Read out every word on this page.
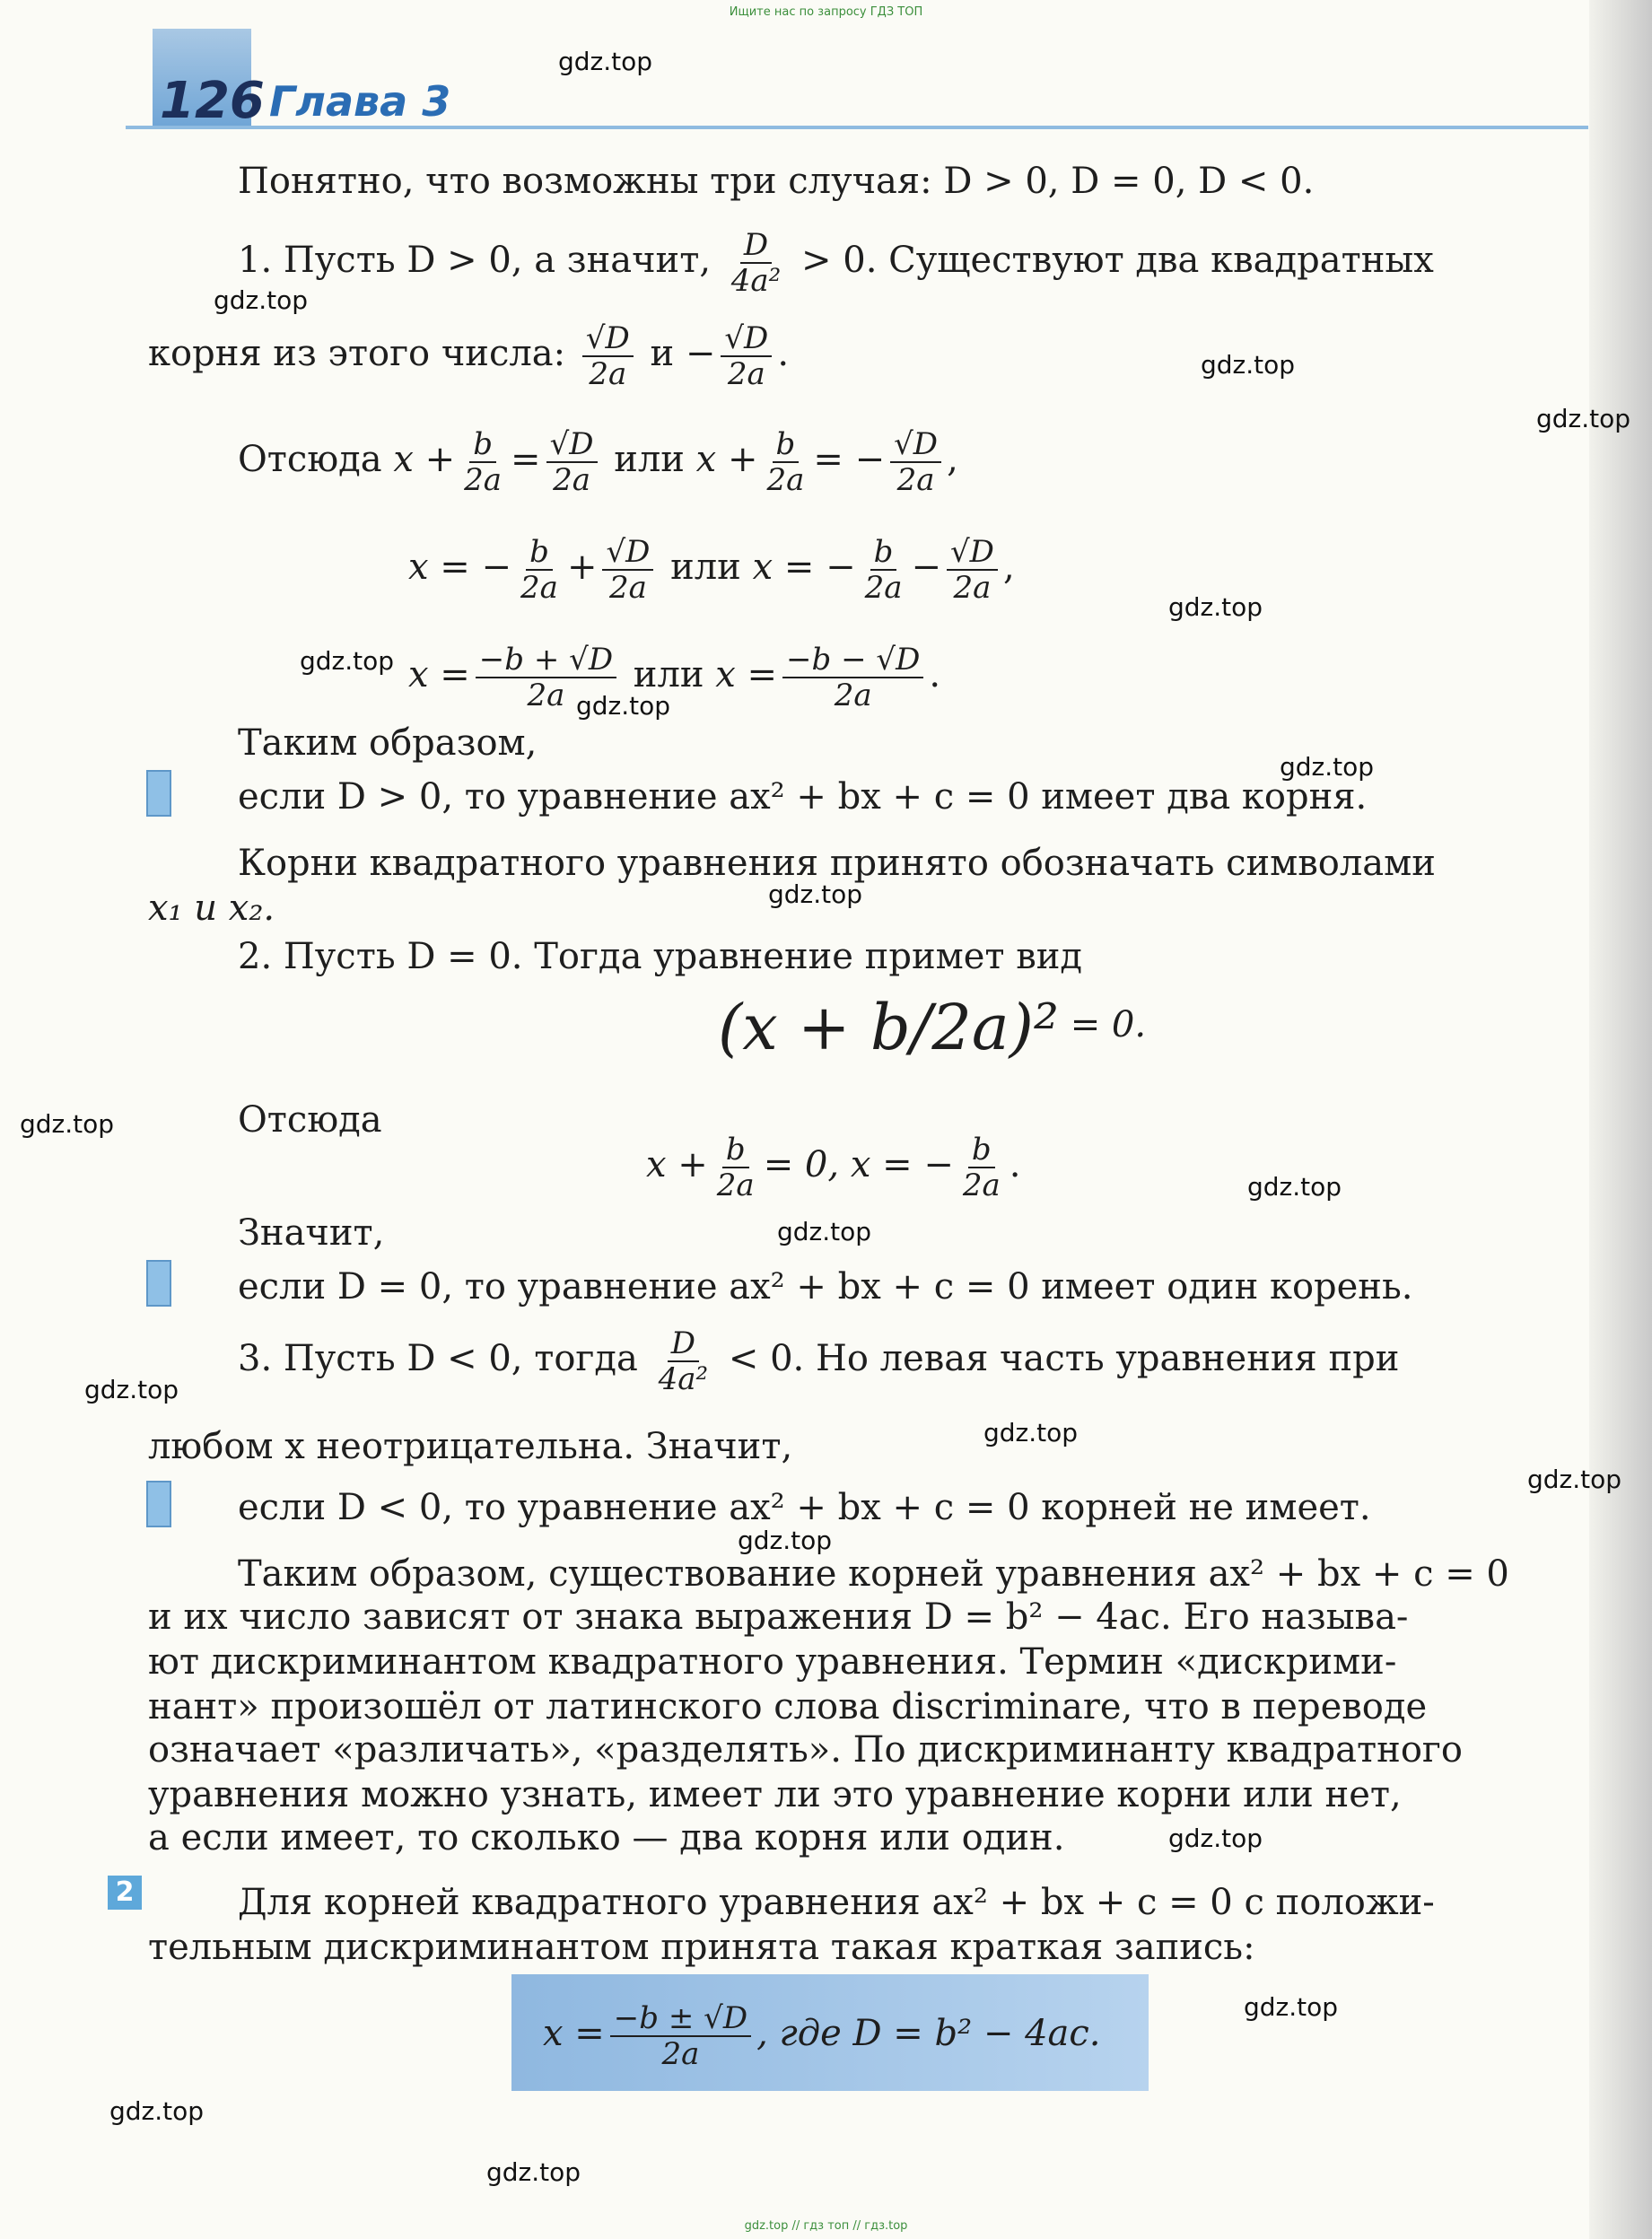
Ищите нас по запросу ГДЗ ТОП
126 Глава 3
Понятно, что возможны три случая: D > 0, D = 0, D < 0.
1. Пусть D > 0, а значит, $\frac{D}{\text{4a²}} > 0$. Существуют два квадратных
корня из этого числа: $\frac{√D}{2a}$ $и - \frac{√D}{2a}$ .
Отсюда $x + \frac{b}{2a} = \frac{√D}{2a}$ или $x + \frac{b}{2a}$ = − $\frac{√D}{2a}$ ,
x = − $\frac{b}{2a} + \frac{√D}{2a}$ или x = − $\frac{b}{2a} - \frac{√D}{2a}$ ,
$x = \frac{-b + √D}{2a}$ или $x = \frac{-b - √D}{2a}$ .
Таким образом,
если D > 0, то уравнение ax² + bx + c = 0 имеет два корня.
Корни квадратного уравнения принято обозначать символами
x₁ и x₂.
2. Пусть D = 0. Тогда уравнение примет вид
(x + b/2a)² = 0.
Отсюда
$x + \frac{b}{2a} = 0$, x = − $\frac{b}{2a}$ .
Значит,
если D = 0, то уравнение ax² + bx + c = 0 имеет один корень.
3. Пусть D < 0, тогда $\frac{D}{\text{4a²}} < 0$. Но левая часть уравнения при
любом x неотрицательна. Значит,
если D < 0, то уравнение ax² + bx + c = 0 корней не имеет.
Таким образом, существование корней уравнения ax² + bx + c = 0
и их число зависят от знака выражения D = b² − 4ac. Его называ-
ют дискриминантом квадратного уравнения. Термин «дискрими-
нант» произошёл от латинского слова discriminare, что в переводе
означает «различать», «разделять». По дискриминанту квадратного
уравнения можно узнать, имеет ли это уравнение корни или нет,
а если имеет, то сколько — два корня или один.
2	Для корней квадратного уравнения ax² + bx + c = 0 с положи-
тельным дискриминантом принята такая краткая запись:
$x = \frac{-b \pm √D}{2a}$ , где D = b² − 4ac.
gdz.top
gdz.top
gdz.top
gdz.top
gdz.top
gdz.top
gdz.top
gdz.top
gdz.top
gdz.top
gdz.top
gdz.top
gdz.top
gdz.top
gdz.top
gdz.top
gdz.top
gdz.top
gdz.top
gdz.top
gdz.top // гдз топ // гдз.top
